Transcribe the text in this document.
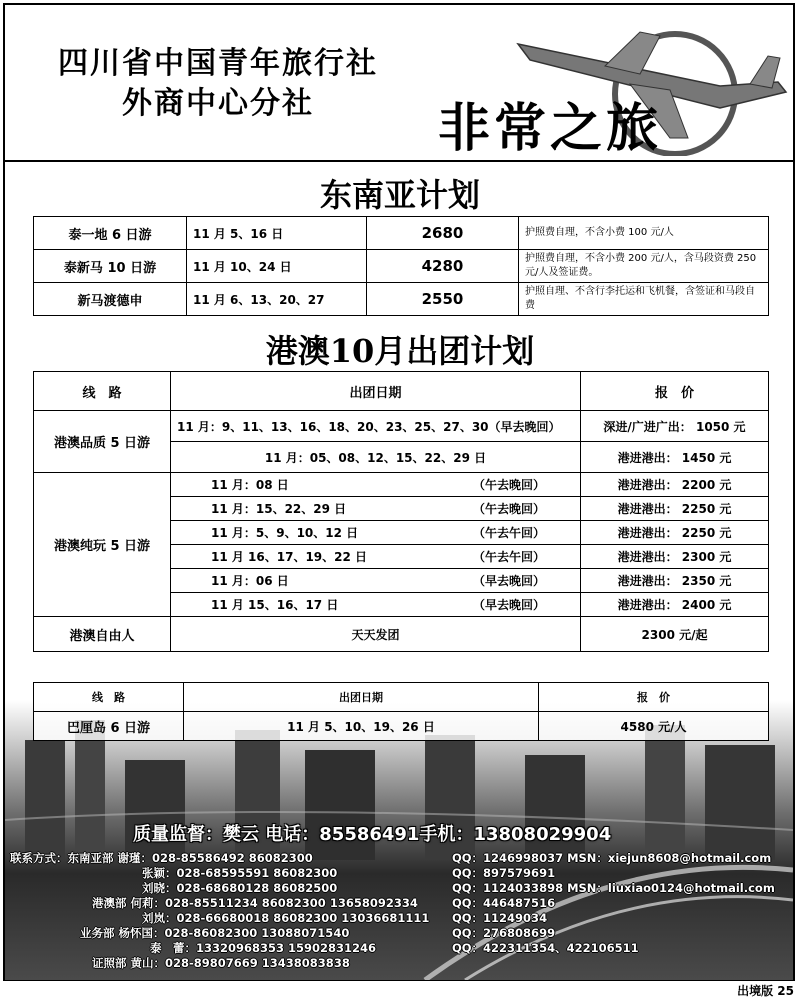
四川省中国青年旅行社
外商中心分社	非常之旅
东南亚计划
泰一地 6 日游	11 月 5、16 日	2680	护照费自理，不含小费 100 元/人
泰新马 10 日游	11 月 10、24 日	4280	护照费自理，不含小费 200 元/人，含马段资费 250 元/人及签证费。
新马渡德申	11 月 6、13、20、27	2550	护照自理、不含行李托运和飞机餐，含签证和马段自费
港澳10月出团计划
线　路	出团日期	报　价
港澳品质 5 日游	11 月：9、11、13、16、18、20、23、25、27、30（早去晚回）	深进/广进广出： 1050 元
	11 月：05、08、12、15、22、29 日	港进港出： 1450 元
港澳纯玩 5 日游	11 月：08 日 （午去晚回）	港进港出： 2200 元
	11 月：15、22、29 日 （午去晚回）	港进港出： 2250 元
	11 月：5、9、10、12 日 （午去午回）	港进港出： 2250 元
	11 月 16、17、19、22 日 （午去午回）	港进港出： 2300 元
	11 月：06 日 （早去晚回）	港进港出： 2350 元
	11 月 15、16、17 日 （早去晚回）	港进港出： 2400 元
港澳自由人	天天发团	2300 元/起
线　路	出团日期	报　价
巴厘岛 6 日游	11 月 5、10、19、26 日	4580 元/人
质量监督：樊云 电话：85586491手机：13808029904
联系方式：东南亚部 谢瑾：028-85586492 86082300
张颖：028-68595591 86082300
刘晓：028-68680128 86082500
港澳部 何莉：028-85511234 86082300 13658092334
刘岚：028-66680018 86082300 13036681111
业务部 杨怀国：028-86082300 13088071540
泰　蕾：13320968353 15902831246
证照部 黄山：028-89807669 13438083838
QQ：1246998037 MSN：xiejun8608@hotmail.com
QQ：897579691
QQ：1124033898 MSN：liuxiao0124@hotmail.com
QQ：446487516
QQ：11249034
QQ：276808699
QQ：422311354、422106511
出境版 25
